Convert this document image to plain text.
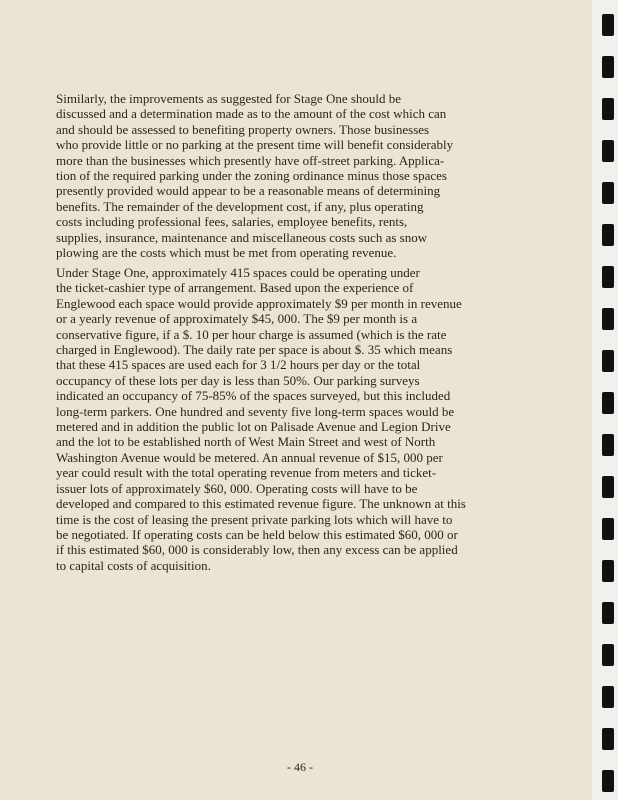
Similarly, the improvements as suggested for Stage One should be
discussed and a determination made as to the amount of the cost which can
and should be assessed to benefiting property owners. Those businesses
who provide little or no parking at the present time will benefit considerably
more than the businesses which presently have off-street parking. Applica-
tion of the required parking under the zoning ordinance minus those spaces
presently provided would appear to be a reasonable means of determining
benefits. The remainder of the development cost, if any, plus operating
costs including professional fees, salaries, employee benefits, rents,
supplies, insurance, maintenance and miscellaneous costs such as snow
plowing are the costs which must be met from operating revenue.

Under Stage One, approximately 415 spaces could be operating under
the ticket-cashier type of arrangement. Based upon the experience of
Englewood each space would provide approximately $9 per month in revenue
or a yearly revenue of approximately $45, 000. The $9 per month is a
conservative figure, if a $. 10 per hour charge is assumed (which is the rate
charged in Englewood). The daily rate per space is about $. 35 which means
that these 415 spaces are used each for 3 1/2 hours per day or the total
occupancy of these lots per day is less than 50%. Our parking surveys
indicated an occupancy of 75-85% of the spaces surveyed, but this included
long-term parkers. One hundred and seventy five long-term spaces would be
metered and in addition the public lot on Palisade Avenue and Legion Drive
and the lot to be established north of West Main Street and west of North
Washington Avenue would be metered. An annual revenue of $15, 000 per
year could result with the total operating revenue from meters and ticket-
issuer lots of approximately $60, 000. Operating costs will have to be
developed and compared to this estimated revenue figure. The unknown at this
time is the cost of leasing the present private parking lots which will have to
be negotiated. If operating costs can be held below this estimated $60, 000 or
if this estimated $60, 000 is considerably low, then any excess can be applied
to capital costs of acquisition.

- 46 -
